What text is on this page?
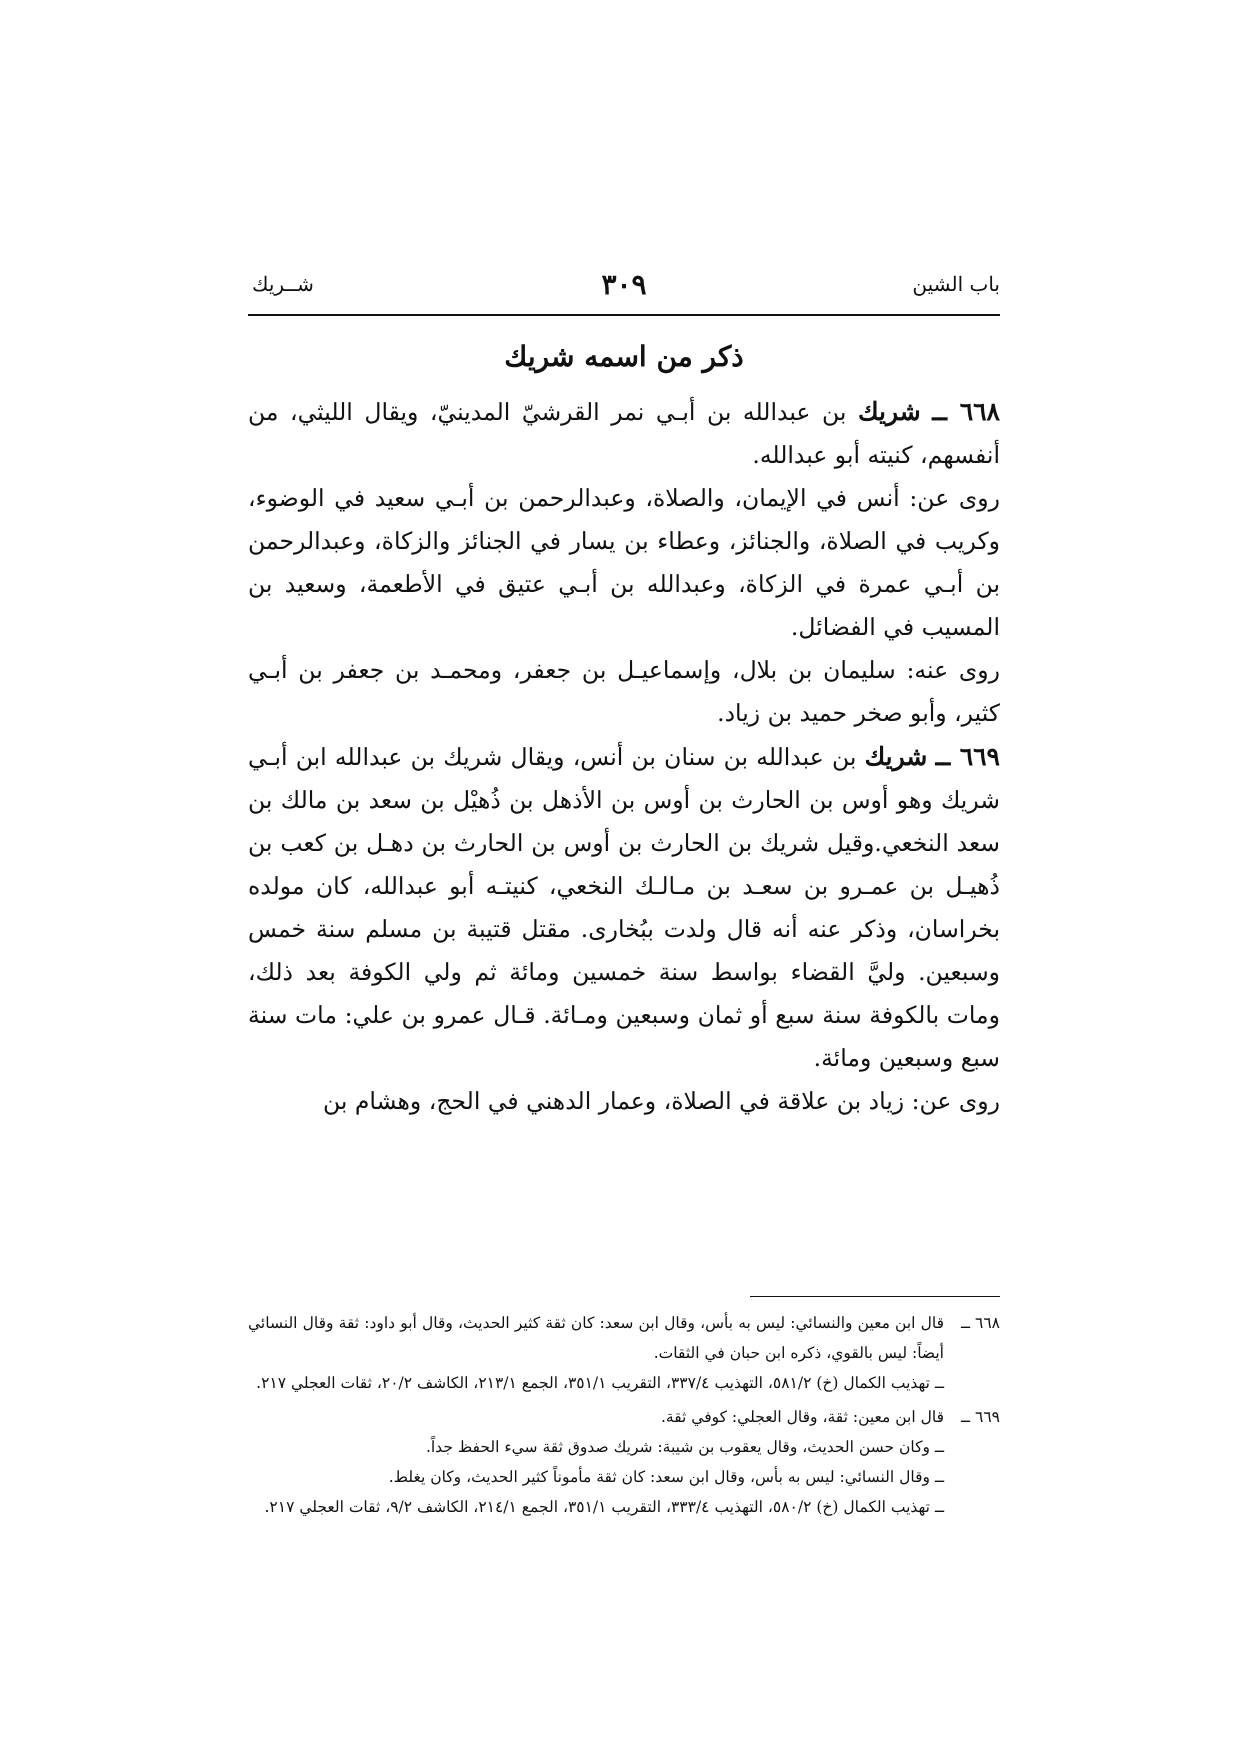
باب الشين
٣٠٩
شــريك
ذكر من اسمه شريك

٦٦٨ ــ شريك بن عبدالله بن أبـي نمر القرشيّ المدينيّ، ويقال الليثي، من أنفسهم، كنيته أبو عبدالله.

روى عن: أنس في الإيمان، والصلاة، وعبدالرحمن بن أبـي سعيد في الوضوء، وكريب في الصلاة، والجنائز، وعطاء بن يسار في الجنائز والزكاة، وعبدالرحمن بن أبـي عمرة في الزكاة، وعبدالله بن أبـي عتيق في الأطعمة، وسعيد بن المسيب في الفضائل.

روى عنه: سليمان بن بلال، وإسماعيـل بن جعفر، ومحمـد بن جعفر بن أبـي كثير، وأبو صخر حميد بن زياد.

٦٦٩ ــ شريك بن عبدالله بن سنان بن أنس، ويقال شريك بن عبدالله ابن أبـي شريك وهو أوس بن الحارث بن أوس بن الأذهل بن ذُهيْل بن سعد بن مالك بن سعد النخعي.وقيل شريك بن الحارث بن أوس بن الحارث بن دهـل بن كعب بن ذُهيـل بن عمـرو بن سعـد بن مـالـك النخعي، كنيتـه أبو عبدالله، كان مولده بخراسان، وذكر عنه أنه قال ولدت ببُخارى. مقتل قتيبة بن مسلم سنة خمس وسبعين. وليَّ القضاء بواسط سنة خمسين ومائة ثم ولي الكوفة بعد ذلك، ومات بالكوفة سنة سبع أو ثمان وسبعين ومـائة. قـال عمرو بن علي: مات سنة سبع وسبعين ومائة.

روى عن: زياد بن علاقة في الصلاة، وعمار الدهني في الحج، وهشام بن

٦٦٨ ــقال ابن معين والنسائي: ليس به بأس، وقال ابن سعد: كان ثقة كثير الحديث، وقال أبو داود: ثقة وقال النسائي أيضاً: ليس بالقوي، ذكره ابن حبان في الثقات.

ــ تهذيب الكمال (خ) ٥٨١/٢، التهذيب ٣٣٧/٤، التقريب ٣٥١/١، الجمع ٢١٣/١، الكاشف ٢٠/٢، ثقات العجلي ٢١٧.

٦٦٩ ــقال ابن معين: ثقة، وقال العجلي: كوفي ثقة.

ــ وكان حسن الحديث، وقال يعقوب بن شيبة: شريك صدوق ثقة سيء الحفظ جداً.

ــ وقال النسائي: ليس به بأس، وقال ابن سعد: كان ثقة مأموناً كثير الحديث، وكان يغلط.

ــ تهذيب الكمال (خ) ٥٨٠/٢، التهذيب ٣٣٣/٤، التقريب ٣٥١/١، الجمع ٢١٤/١، الكاشف ٩/٢، ثقات العجلي ٢١٧.
